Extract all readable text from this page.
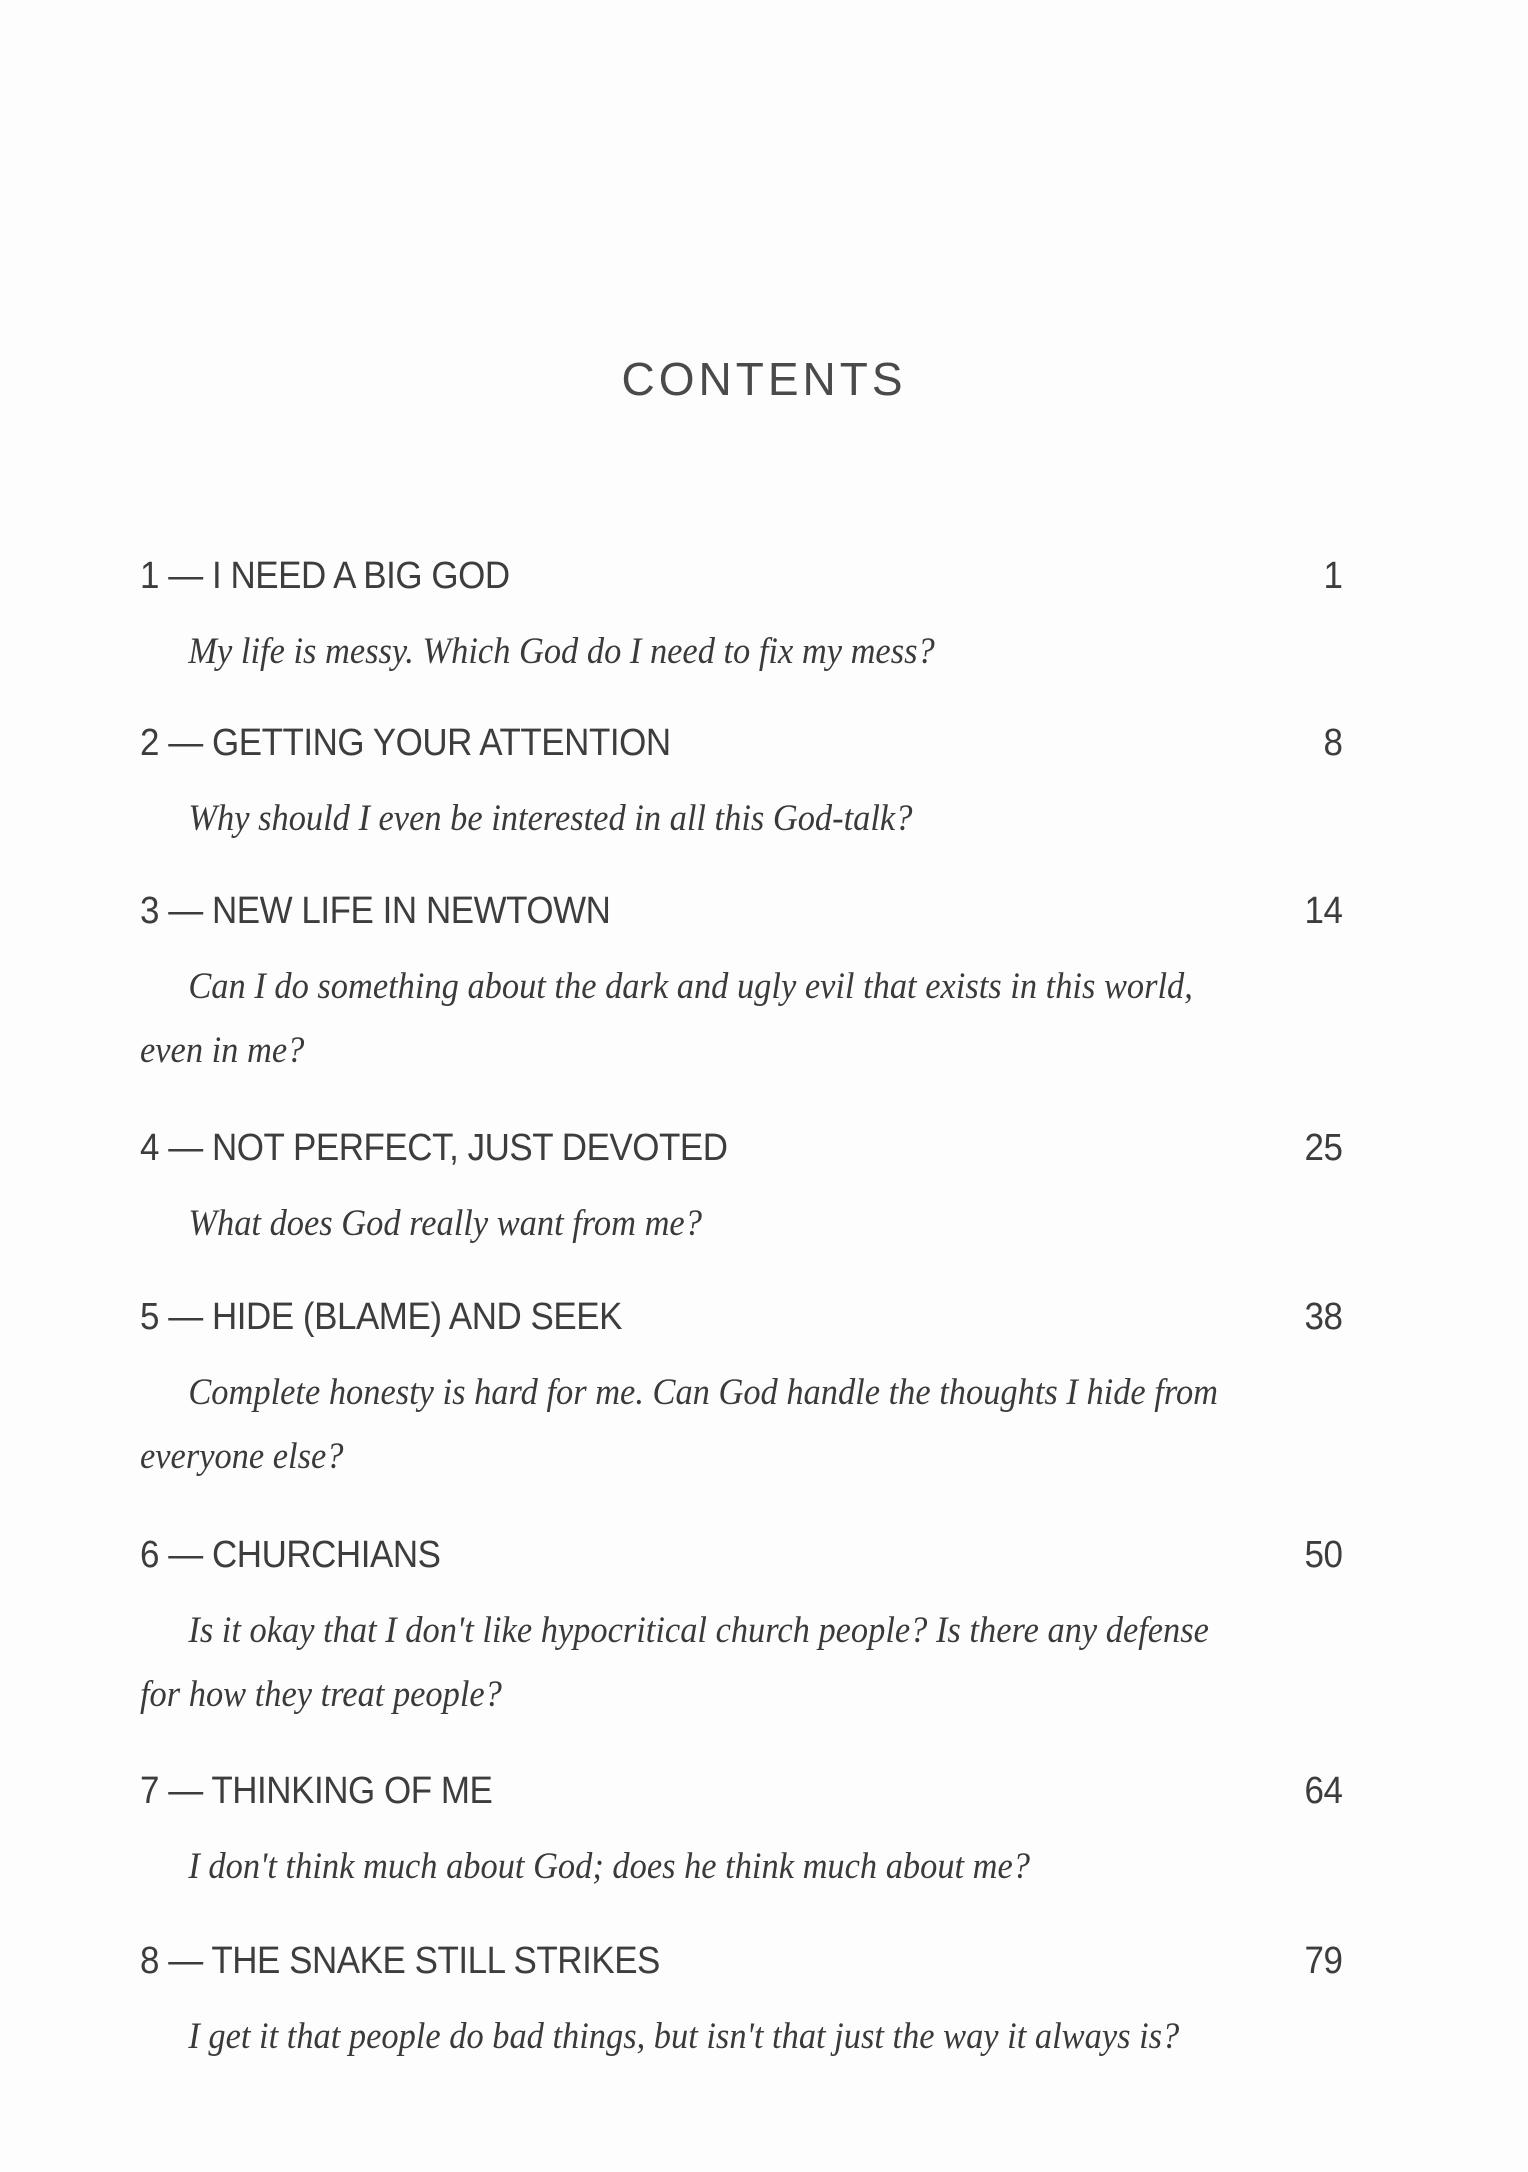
CONTENTS
1 — I NEED A BIG GOD	1
My life is messy. Which God do I need to fix my mess?
2 — GETTING YOUR ATTENTION	8
Why should I even be interested in all this God-talk?
3 — NEW LIFE IN NEWTOWN	14
Can I do something about the dark and ugly evil that exists in this world, even in me?
4 — NOT PERFECT, JUST DEVOTED	25
What does God really want from me?
5 — HIDE (BLAME) AND SEEK	38
Complete honesty is hard for me. Can God handle the thoughts I hide from everyone else?
6 — CHURCHIANS	50
Is it okay that I don't like hypocritical church people? Is there any defense for how they treat people?
7 — THINKING OF ME	64
I don't think much about God; does he think much about me?
8 — THE SNAKE STILL STRIKES	79
I get it that people do bad things, but isn't that just the way it always is?
